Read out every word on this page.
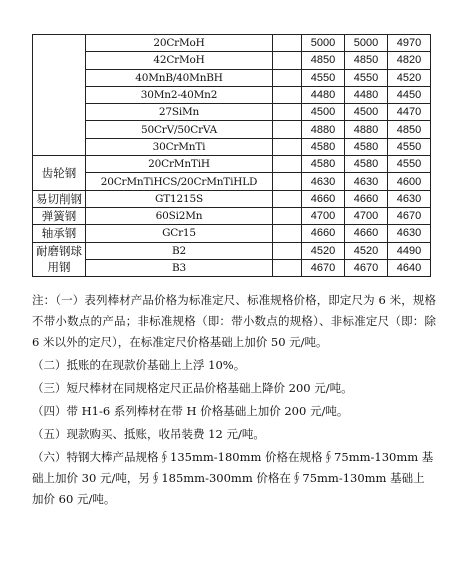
	20CrMoH		5000	5000	4970
	42CrMoH		4850	4850	4820
	40MnB/40MnBH		4550	4550	4520
	30Mn2-40Mn2		4480	4480	4450
	27SiMn		4500	4500	4470
	50CrV/50CrVA		4880	4880	4850
	30CrMnTi		4580	4580	4550

齿轮钢	20CrMnTiH		4580	4580	4550
	20CrMnTiHCS/20CrMnTiHLD		4630	4630	4600
易切削钢	GT1215S		4660	4660	4630
弹簧钢	60Si2Mn		4700	4700	4670
轴承钢	GCr15		4660	4660	4630

耐磨钢球
用钢	B2		4520	4520	4490
	B3		4670	4670	4640

注：（一）表列棒材产品价格为标准定尺、标准规格价格，即定尺为 6 米，规格不带小数点的产品；非标准规格（即：带小数点的规格）、非标准定尺（即：除 6 米以外的定尺），在标准定尺价格基础上加价 50 元/吨。

（二）抵账的在现款价基础上上浮 10%。

（三）短尺棒材在同规格定尺正品价格基础上降价 200 元/吨。

（四）带 H1-6 系列棒材在带 H 价格基础上加价 200 元/吨。

（五）现款购买、抵账，收吊装费 12 元/吨。

（六）特钢大棒产品规格∮135mm-180mm 价格在规格∮75mm-130mm 基础上加价 30 元/吨，另∮185mm-300mm 价格在∮75mm-130mm 基础上加价 60 元/吨。
